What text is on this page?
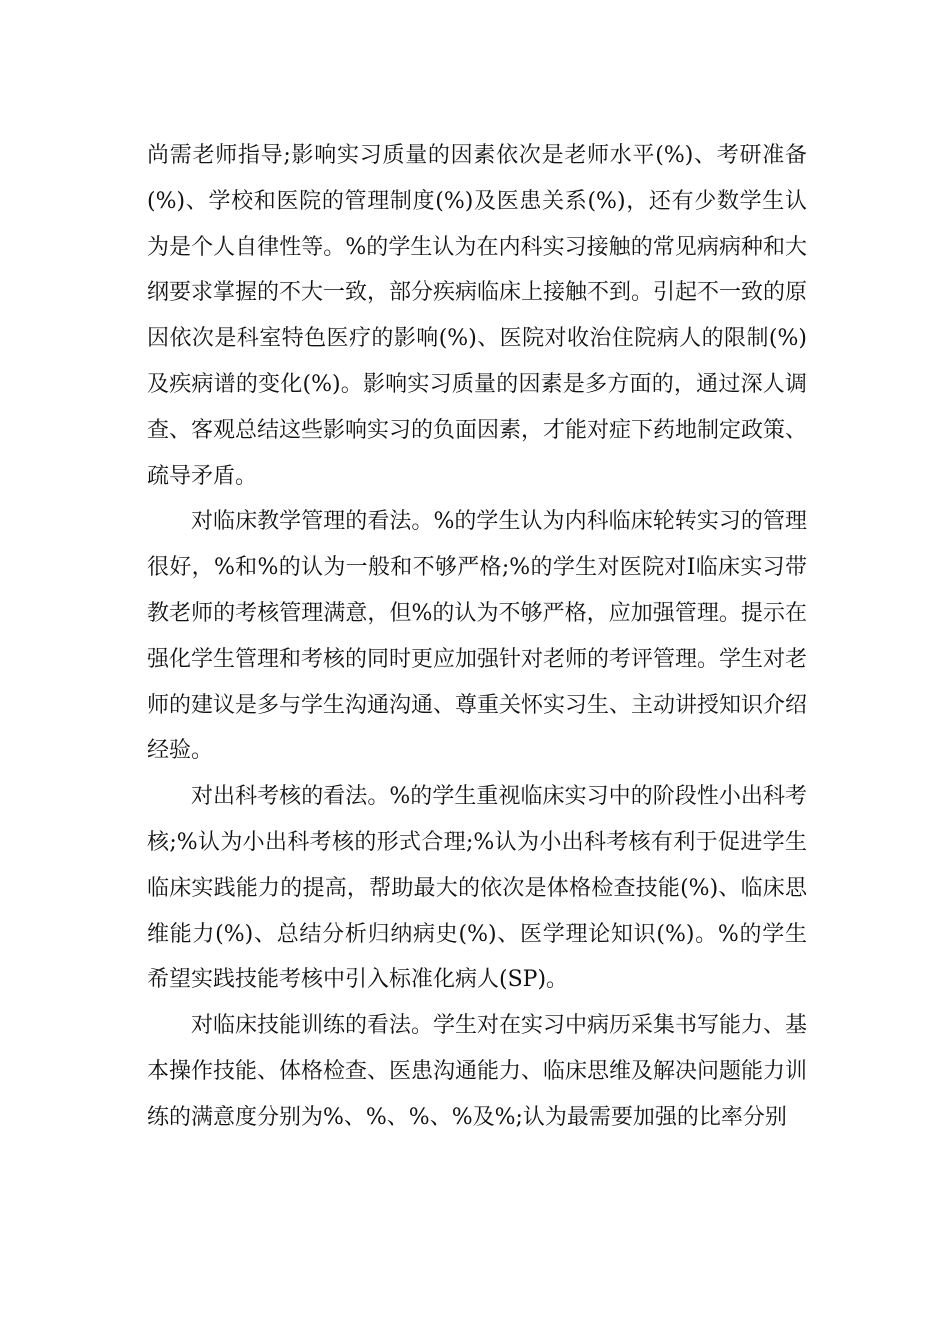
尚需老师指导;影响实习质量的因素依次是老师水平(%)、考研准备(%)、学校和医院的管理制度(%)及医患关系(%)，还有少数学生认为是个人自律性等。%的学生认为在内科实习接触的常见病病种和大纲要求掌握的不大一致，部分疾病临床上接触不到。引起不一致的原因依次是科室特色医疗的影响(%)、医院对收治住院病人的限制(%)及疾病谱的变化(%)。影响实习质量的因素是多方面的，通过深人调查、客观总结这些影响实习的负面因素，才能对症下药地制定政策、疏导矛盾。

对临床教学管理的看法。%的学生认为内科临床轮转实习的管理很好，%和%的认为一般和不够严格;%的学生对医院对Ⅰ临床实习带教老师的考核管理满意，但%的认为不够严格，应加强管理。提示在强化学生管理和考核的同时更应加强针对老师的考评管理。学生对老师的建议是多与学生沟通沟通、尊重关怀实习生、主动讲授知识介绍经验。

对出科考核的看法。%的学生重视临床实习中的阶段性小出科考核;%认为小出科考核的形式合理;%认为小出科考核有利于促进学生临床实践能力的提高，帮助最大的依次是体格检查技能(%)、临床思维能力(%)、总结分析归纳病史(%)、医学理论知识(%)。%的学生希望实践技能考核中引入标准化病人(SP)。

对临床技能训练的看法。学生对在实习中病历采集书写能力、基本操作技能、体格检查、医患沟通能力、临床思维及解决问题能力训练的满意度分别为%、%、%、%及%;认为最需要加强的比率分别
